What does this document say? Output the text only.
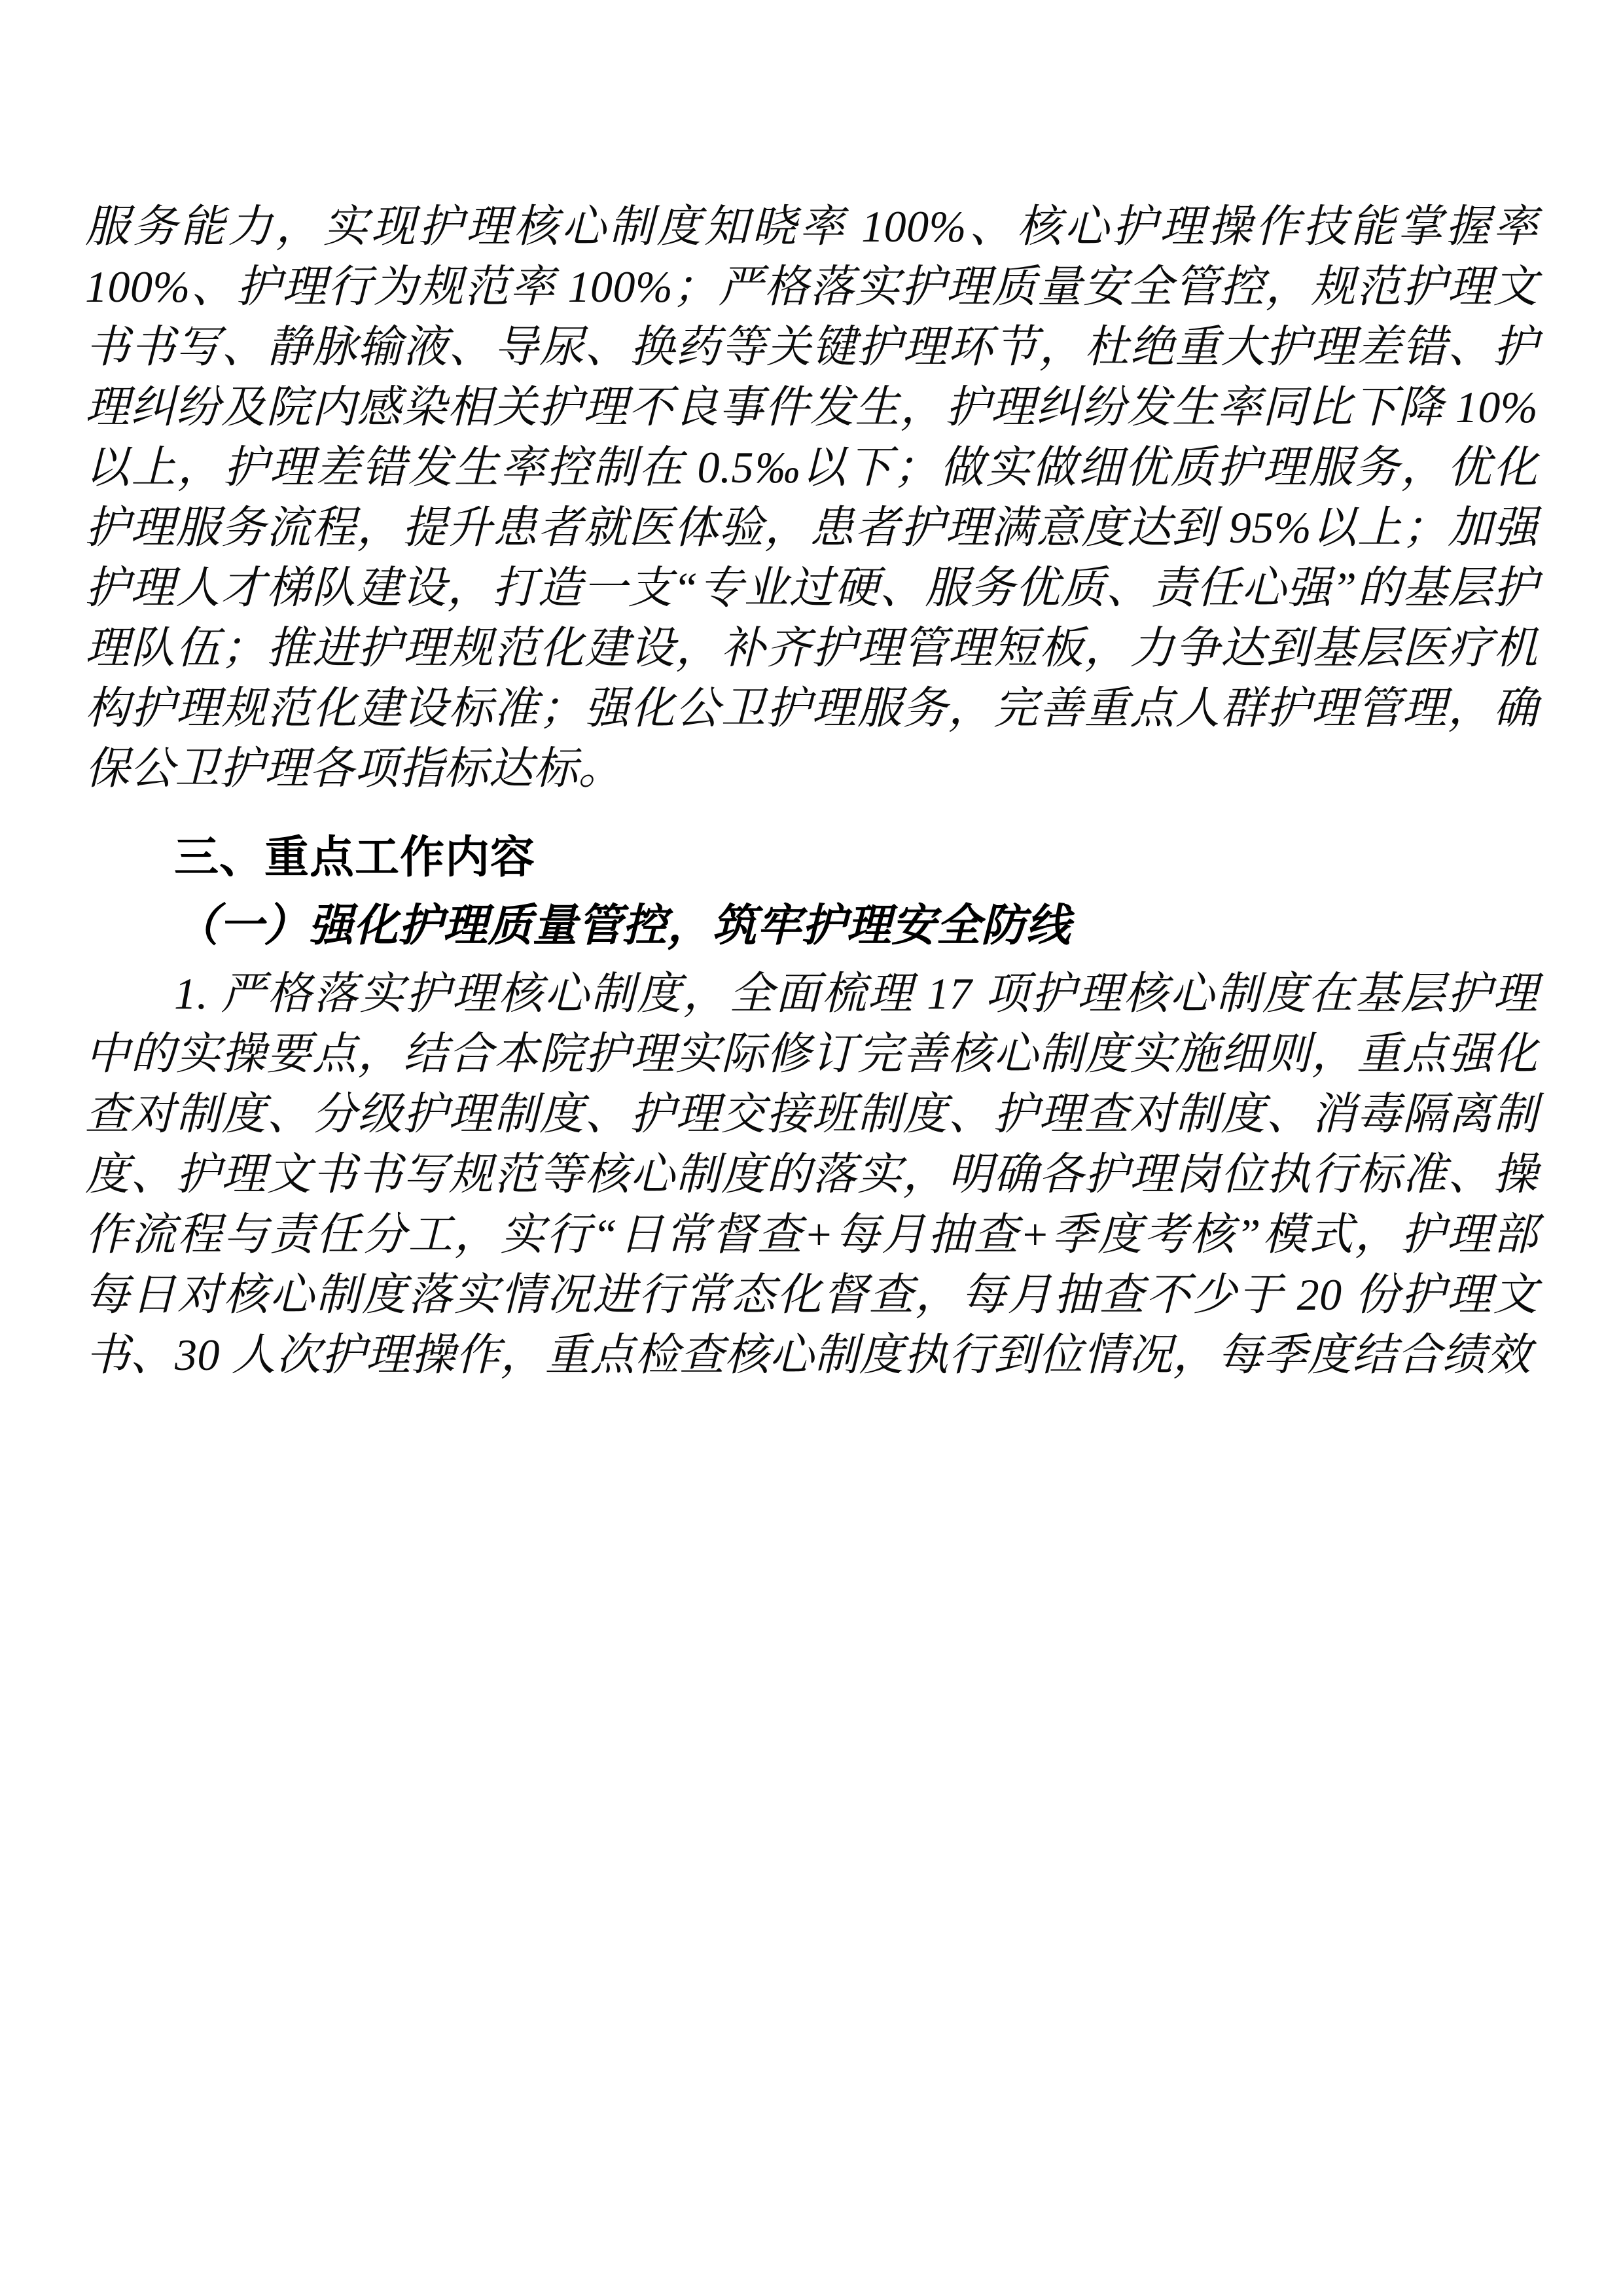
服务能力，实现护理核心制度知晓率 100%、核心护理操作技能掌握率 100%、护理行为规范率 100%；严格落实护理质量安全管控，规范护理文书书写、静脉输液、导尿、换药等关键护理环节，杜绝重大护理差错、护理纠纷及院内感染相关护理不良事件发生，护理纠纷发生率同比下降 10%以上，护理差错发生率控制在 0.5‰以下；做实做细优质护理服务，优化护理服务流程，提升患者就医体验，患者护理满意度达到 95%以上；加强护理人才梯队建设，打造一支“专业过硬、服务优质、责任心强”的基层护理队伍；推进护理规范化建设，补齐护理管理短板，力争达到基层医疗机构护理规范化建设标准；强化公卫护理服务，完善重点人群护理管理，确保公卫护理各项指标达标。

三、重点工作内容
（一）强化护理质量管控，筑牢护理安全防线

1. 严格落实护理核心制度，全面梳理 17 项护理核心制度在基层护理中的实操要点，结合本院护理实际修订完善核心制度实施细则，重点强化查对制度、分级护理制度、护理交接班制度、护理查对制度、消毒隔离制度、护理文书书写规范等核心制度的落实，明确各护理岗位执行标准、操作流程与责任分工，实行“日常督查+每月抽查+季度考核”模式，护理部每日对核心制度落实情况进行常态化督查，每月抽查不少于 20 份护理文书、30 人次护理操作，重点检查核心制度执行到位情况，每季度结合绩效
